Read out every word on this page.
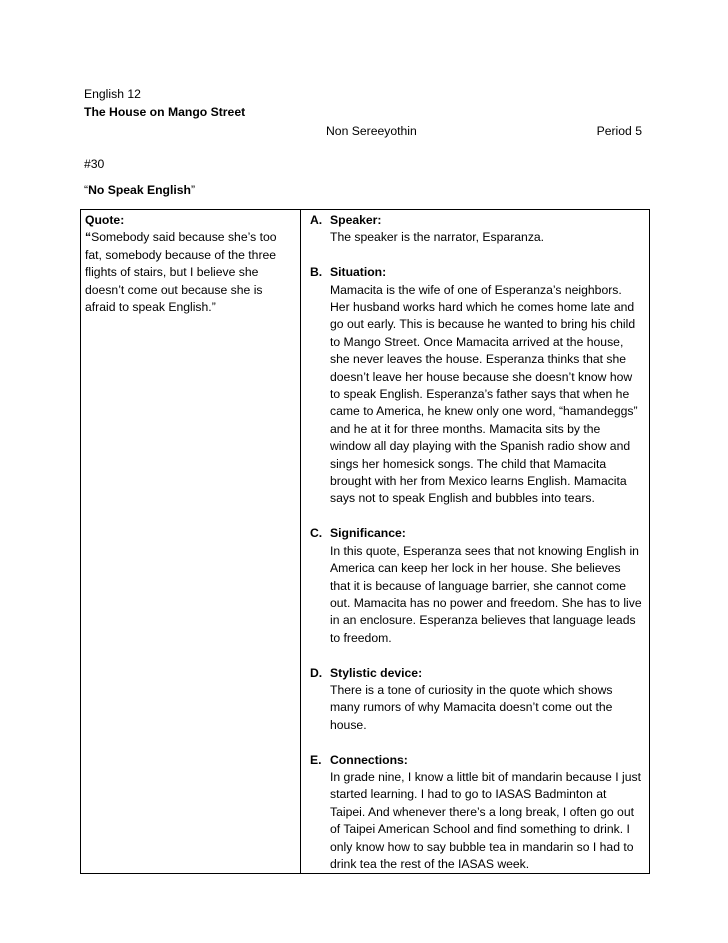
English 12
The House on Mango Street
Non Sereeyothin	Period 5
#30
“No Speak English”
Quote:
“Somebody said because she’s too fat, somebody because of the three flights of stairs, but I believe she doesn’t come out because she is afraid to speak English.”

A. Speaker:
The speaker is the narrator, Esparanza.
B. Situation:
Mamacita is the wife of one of Esperanza’s neighbors. Her husband works hard which he comes home late and go out early. This is because he wanted to bring his child to Mango Street. Once Mamacita arrived at the house, she never leaves the house. Esperanza thinks that she doesn’t leave her house because she doesn’t know how to speak English. Esperanza’s father says that when he came to America, he knew only one word, “hamandeggs” and he at it for three months. Mamacita sits by the window all day playing with the Spanish radio show and sings her homesick songs. The child that Mamacita brought with her from Mexico learns English. Mamacita says not to speak English and bubbles into tears.
C. Significance:
In this quote, Esperanza sees that not knowing English in America can keep her lock in her house. She believes that it is because of language barrier, she cannot come out. Mamacita has no power and freedom. She has to live in an enclosure. Esperanza believes that language leads to freedom.
D. Stylistic device:
There is a tone of curiosity in the quote which shows many rumors of why Mamacita doesn’t come out the house.
E. Connections:
In grade nine, I know a little bit of mandarin because I just started learning. I had to go to IASAS Badminton at Taipei. And whenever there’s a long break, I often go out of Taipei American School and find something to drink. I only know how to say bubble tea in mandarin so I had to drink tea the rest of the IASAS week.
